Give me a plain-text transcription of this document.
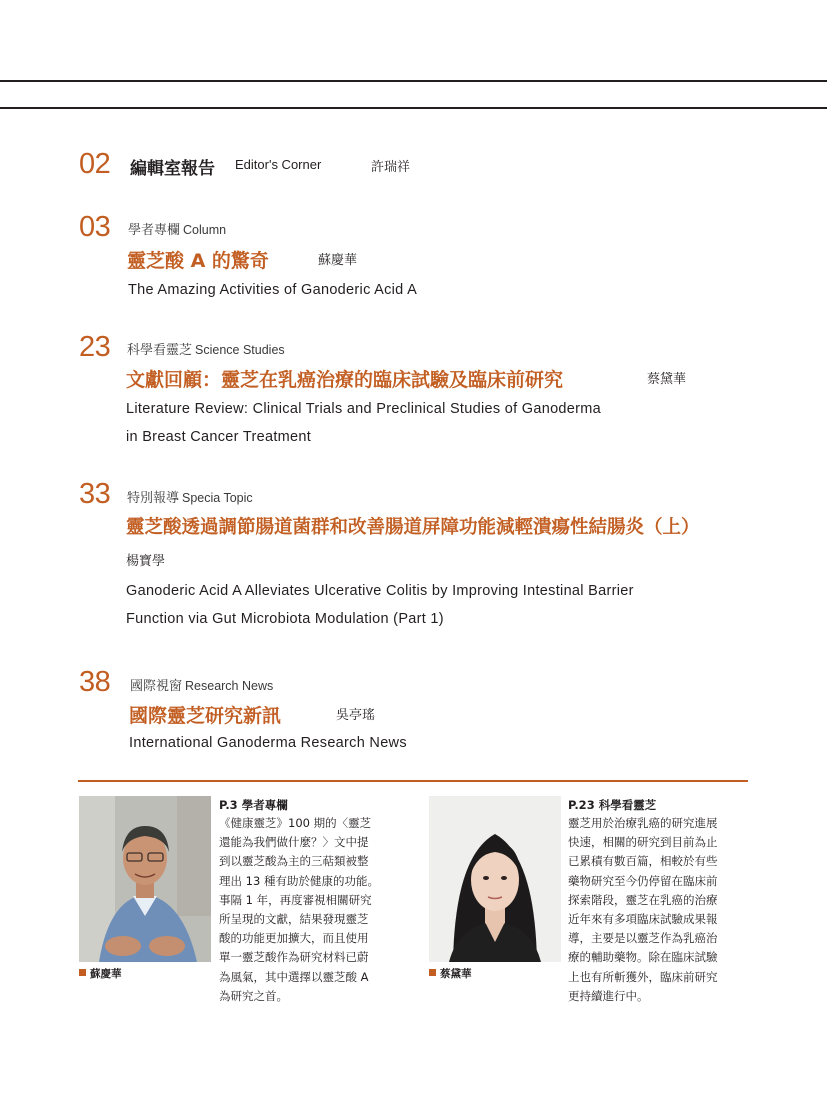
02 編輯室報告 Editor's Corner	許瑞祥
03 學者專欄 Column
靈芝酸 A 的驚奇	蘇慶華
The Amazing Activities of Ganoderic Acid A
23 科學看靈芝 Science Studies
文獻回顧：靈芝在乳癌治療的臨床試驗及臨床前研究	蔡黛華
Literature Review: Clinical Trials and Preclinical Studies of Ganoderma
in Breast Cancer Treatment
33 特別報導 Specia Topic
靈芝酸透過調節腸道菌群和改善腸道屏障功能減輕潰瘍性結腸炎（上）
楊寶學
Ganoderic Acid A Alleviates Ulcerative Colitis by Improving Intestinal Barrier
Function via Gut Microbiota Modulation (Part 1)
38 國際視窗 Research News
國際靈芝研究新訊	吳亭瑤
International Ganoderma Research News
蘇慶華
P.3 學者專欄
《健康靈芝》100 期的〈靈芝
還能為我們做什麼？〉文中提
到以靈芝酸為主的三萜類被整
理出 13 種有助於健康的功能。
事隔 1 年，再度審視相關研究
所呈現的文獻，結果發現靈芝
酸的功能更加擴大，而且使用
單一靈芝酸作為研究材料已蔚
為風氣，其中選擇以靈芝酸 A
為研究之首。
蔡黛華
P.23 科學看靈芝
靈芝用於治療乳癌的研究進展
快速，相關的研究到目前為止
已累積有數百篇，相較於有些
藥物研究至今仍停留在臨床前
探索階段，靈芝在乳癌的治療
近年來有多項臨床試驗成果報
導，主要是以靈芝作為乳癌治
療的輔助藥物。除在臨床試驗
上也有所斬獲外，臨床前研究
更持續進行中。
